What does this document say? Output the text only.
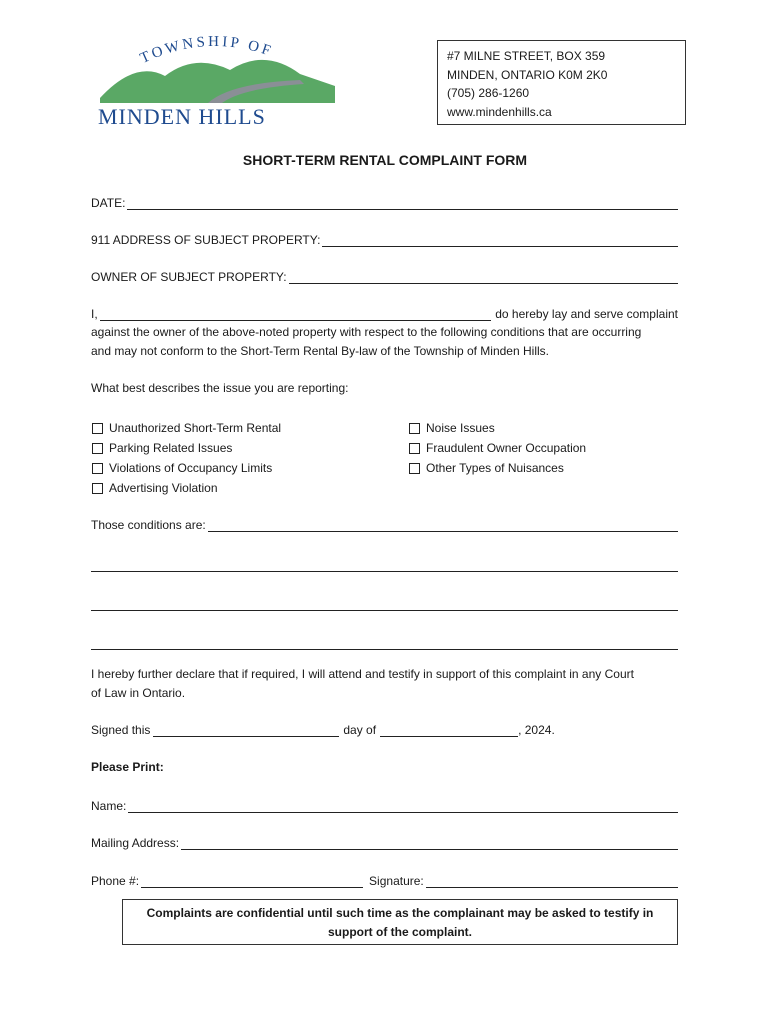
TOWNSHIP OF
MINDEN HILLS
#7 MILNE STREET, BOX 359
MINDEN, ONTARIO K0M 2K0
(705) 286-1260
www.mindenhills.ca
SHORT-TERM RENTAL COMPLAINT FORM
DATE:
911 ADDRESS OF SUBJECT PROPERTY:
OWNER OF SUBJECT PROPERTY:
I,	do hereby lay and serve complaint
against the owner of the above-noted property with respect to the following conditions that are occurring
and may not conform to the Short-Term Rental By-law of the Township of Minden Hills.
What best describes the issue you are reporting:
Unauthorized Short-Term Rental
Parking Related Issues
Violations of Occupancy Limits
Advertising Violation
Noise Issues
Fraudulent Owner Occupation
Other Types of Nuisances
Those conditions are:
I hereby further declare that if required, I will attend and testify in support of this complaint in any Court
of Law in Ontario.
Signed this	day of	, 2024.
Please Print:
Name:
Mailing Address:
Phone #:	Signature:
Complaints are confidential until such time as the complainant may be asked to testify in
support of the complaint.
